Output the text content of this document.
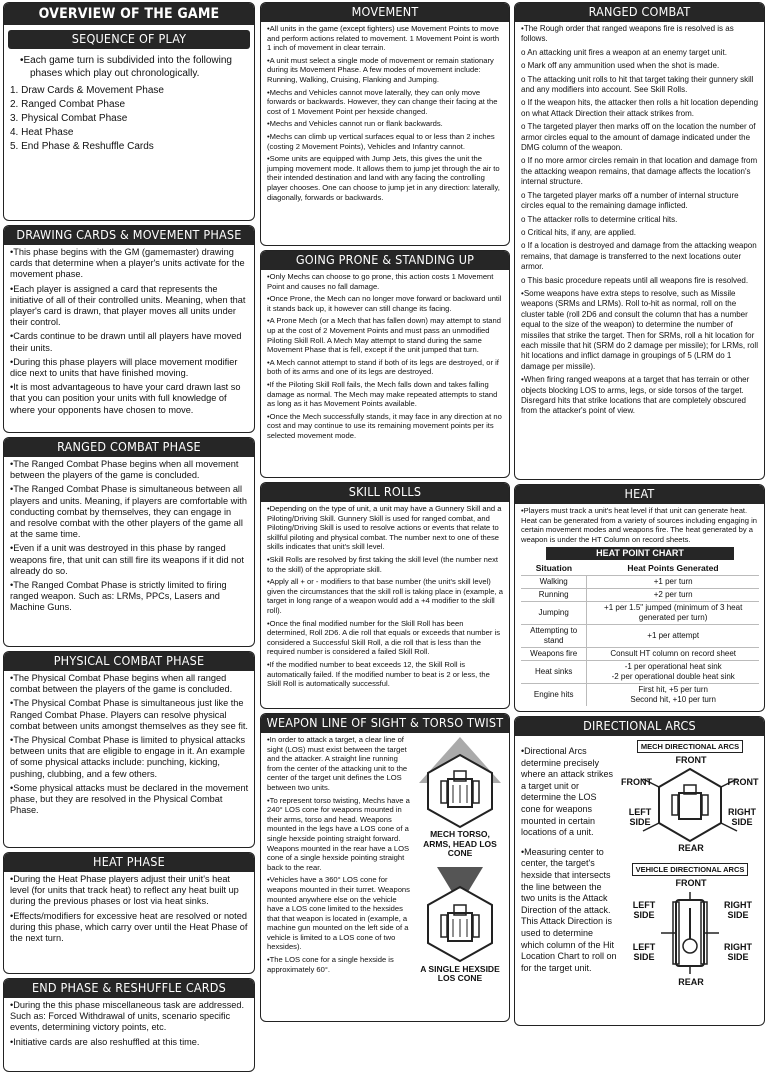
OVERVIEW OF THE GAME
SEQUENCE OF PLAY

• Each game turn is subdivided into the following phases which play out chronologically.

1. Draw Cards & Movement Phase
2. Ranged Combat Phase
3. Physical Combat Phase
4. Heat Phase
5. End Phase & Reshuffle Cards
DRAWING CARDS & MOVEMENT PHASE

• This phase begins with the GM (gamemaster) drawing cards that determine when a player's units activate for the movement phase.

• Each player is assigned a card that represents the initiative of all of their controlled units. Meaning, when that player's card is drawn, that player moves all units under their control.

• Cards continue to be drawn until all players have moved their units.

• During this phase players will place movement modifier dice next to units that have finished moving.

• It is most advantageous to have your card drawn last so that you can position your units with full knowledge of where your opponents have chosen to move.

RANGED COMBAT PHASE

• The Ranged Combat Phase begins when all movement between the players of the game is concluded.

• The Ranged Combat Phase is simultaneous between all players and units. Meaning, if players are comfortable with conducting combat by themselves, they can engage in and resolve combat with the other players of the game all at the same time.

• Even if a unit was destroyed in this phase by ranged weapons fire, that unit can still fire its weapons if it did not already do so.

• The Ranged Combat Phase is strictly limited to firing ranged weapon. Such as: LRMs, PPCs, Lasers and Machine Guns.

PHYSICAL COMBAT PHASE

• The Physical Combat Phase begins when all ranged combat between the players of the game is concluded.

• The Physical Combat Phase is simultaneous just like the Ranged Combat Phase. Players can resolve physical combat between units amongst themselves as they see fit.

• The Physical Combat Phase is limited to physical attacks between units that are eligible to engage in it. An example of some physical attacks include: punching, kicking, pushing, clubbing, and a few others.

• Some physical attacks must be declared in the movement phase, but they are resolved in the Physical Combat Phase.

HEAT PHASE

• During the Heat Phase players adjust their unit's heat level (for units that track heat) to reflect any heat built up during the previous phases or lost via heat sinks.

• Effects/modifiers for excessive heat are resolved or noted during this phase, which carry over until the Heat Phase of the next turn.

END PHASE & RESHUFFLE CARDS

• During the this phase miscellaneous task are addressed. Such as: Forced Withdrawal of units, scenario specific events, determining victory points, etc.

• Initiative cards are also reshuffled at this time.

MOVEMENT

• All units in the game (except fighters) use Movement Points to move and perform actions related to movement. 1 Movement Point is worth 1 inch of movement in clear terrain.

• A unit must select a single mode of movement or remain stationary during its Movement Phase. A few modes of movement include: Running, Walking, Cruising, Flanking and Jumping.

• Mechs and Vehicles cannot move laterally, they can only move forwards or backwards. However, they can change their facing at the cost of 1 Movement Point per hexside changed.

• Mechs and Vehicles cannot run or flank backwards.

• Mechs can climb up vertical surfaces equal to or less than 2 inches (costing 2 Movement Points), Vehicles and Infantry cannot.

• Some units are equipped with Jump Jets, this gives the unit the jumping movement mode. It allows them to jump jet through the air to their intended destination and land with any facing the controlling player chooses. One can choose to jump jet in any direction: laterally, diagonally, forwards or backwards.

GOING PRONE & STANDING UP

• Only Mechs can choose to go prone, this action costs 1 Movement Point and causes no fall damage.

• Once Prone, the Mech can no longer move forward or backward until it stands back up, it however can still change its facing.

• A Prone Mech (or a Mech that has fallen down) may attempt to stand up at the cost of 2 Movement Points and must pass an unmodified Piloting Skill Roll. A Mech May attempt to stand during the same Movement Phase that is fell, except if the unit jumped that turn.

• A Mech cannot attempt to stand if both of its legs are destroyed, or if both of its arms and one of its legs are destroyed.

• If the Piloting Skill Roll fails, the Mech falls down and takes falling damage as normal. The Mech may make repeated attempts to stand as long as it has Movement Points available.

• Once the Mech successfully stands, it may face in any direction at no cost and may continue to use its remaining movement points per its selected movement mode.

SKILL ROLLS

• Depending on the type of unit, a unit may have a Gunnery Skill and a Piloting/Driving Skill. Gunnery Skill is used for ranged combat, and Piloting/Driving Skill is used to resolve actions or events that relate to skillful piloting and physical combat. The number next to one of these skills indicates that unit's skill level.

• Skill Rolls are resolved by first taking the skill level (the number next to the skill) of the appropriate skill.

• Apply all + or - modifiers to that base number (the unit's skill level) given the circumstances that the skill roll is taking place in (example, a target in long range of a weapon would add a +4 modifier to the skill roll).

• Once the final modified number for the Skill Roll has been determined, Roll 2D6. A die roll that equals or exceeds that number is considered a Successful Skill Roll, a die roll that is less than the required number is considered a failed Skill Roll.

• If the modified number to beat exceeds 12, the Skill Roll is automatically failed. If the modified number to beat is 2 or less, the Skill Roll is automatically successful.

WEAPON LINE OF SIGHT & TORSO TWIST

• In order to attack a target, a clear line of sight (LOS) must exist between the target and the attacker. A straight line running from the center of the attacking unit to the center of the target unit defines the LOS between two units.

• To represent torso twisting, Mechs have a 240° LOS cone for weapons mounted in their arms, torso and head. Weapons mounted in the legs have a LOS cone of a single hexside pointing straight forward. Weapons mounted in the rear have a LOS cone of a single hexside pointing straight back to the rear.

• Vehicles have a 360° LOS cone for weapons mounted in their turret. Weapons mounted anywhere else on the vehicle have a LOS cone limited to the hexsides that that weapon is located in (example, a machine gun mounted on the left side of a vehicle is limited to a LOS cone of two hexsides).

• The LOS cone for a single hexside is approximately 60°.

MECH TORSO, ARMS, HEAD LOS CONE
A SINGLE HEXSIDE LOS CONE
RANGED COMBAT

• The Rough order that ranged weapons fire is resolved is as follows.

o An attacking unit fires a weapon at an enemy target unit.

o Mark off any ammunition used when the shot is made.

o The attacking unit rolls to hit that target taking their gunnery skill and any modifiers into account. See Skill Rolls.

o If the weapon hits, the attacker then rolls a hit location depending on what Attack Direction their attack strikes from.

o The targeted player then marks off on the location the number of armor circles equal to the amount of damage indicated under the DMG column of the weapon.

o If no more armor circles remain in that location and damage from the attacking weapon remains, that damage affects the location's internal structure.

o The targeted player marks off a number of internal structure circles equal to the remaining damage inflicted.

o The attacker rolls to determine critical hits.

o Critical hits, if any, are applied.

o If a location is destroyed and damage from the attacking weapon remains, that damage is transferred to the next locations outer armor.

o This basic procedure repeats until all weapons fire is resolved.

• Some weapons have extra steps to resolve, such as Missile weapons (SRMs and LRMs). Roll to-hit as normal, roll on the cluster table (roll 2D6 and consult the column that has a number equal to the size of the weapon) to determine the number of missiles that strike the target. Then for SRMs, roll a hit location for each missile that hit (SRM do 2 damage per missile); for LRMs, roll hit locations and inflict damage in groupings of 5 (LRM do 1 damage per missile).

• When firing ranged weapons at a target that has terrain or other objects blocking LOS to arms, legs, or side torsos of the target. Disregard hits that strike locations that are completely obscured from the attacker's point of view.

HEAT

• Players must track a unit's heat level if that unit can generate heat. Heat can be generated from a variety of sources including engaging in certain movement modes and weapons fire. The heat generated by a weapon is under the HT Column on record sheets.

HEAT POINT CHART
Situation	Heat Points Generated
Walking	+1 per turn
Running	+2 per turn
Jumping	+1 per 1.5" jumped (minimum of 3 heat generated per turn)
Attempting to stand	+1 per attempt
Weapons fire	Consult HT column on record sheet
Heat sinks	-1 per operational heat sink
-2 per operational double heat sink
Engine hits	First hit, +5 per turn
Second hit, +10 per turn
DIRECTIONAL ARCS

• Directional Arcs determine precisely where an attack strikes a target unit or determine the LOS cone for weapons mounted in certain locations of a unit.

• Measuring center to center, the target's hexside that intersects the line between the two units is the Attack Direction of the attack. This Attack Direction is used to determine which column of the Hit Location Chart to roll on for the target unit.

MECH DIRECTIONAL ARCS
FRONT
FRONT	FRONT
LEFT SIDE
RIGHT SIDE
REAR
VEHICLE DIRECTIONAL ARCS
FRONT
LEFT SIDE
RIGHT SIDE
LEFT SIDE
RIGHT SIDE
REAR
